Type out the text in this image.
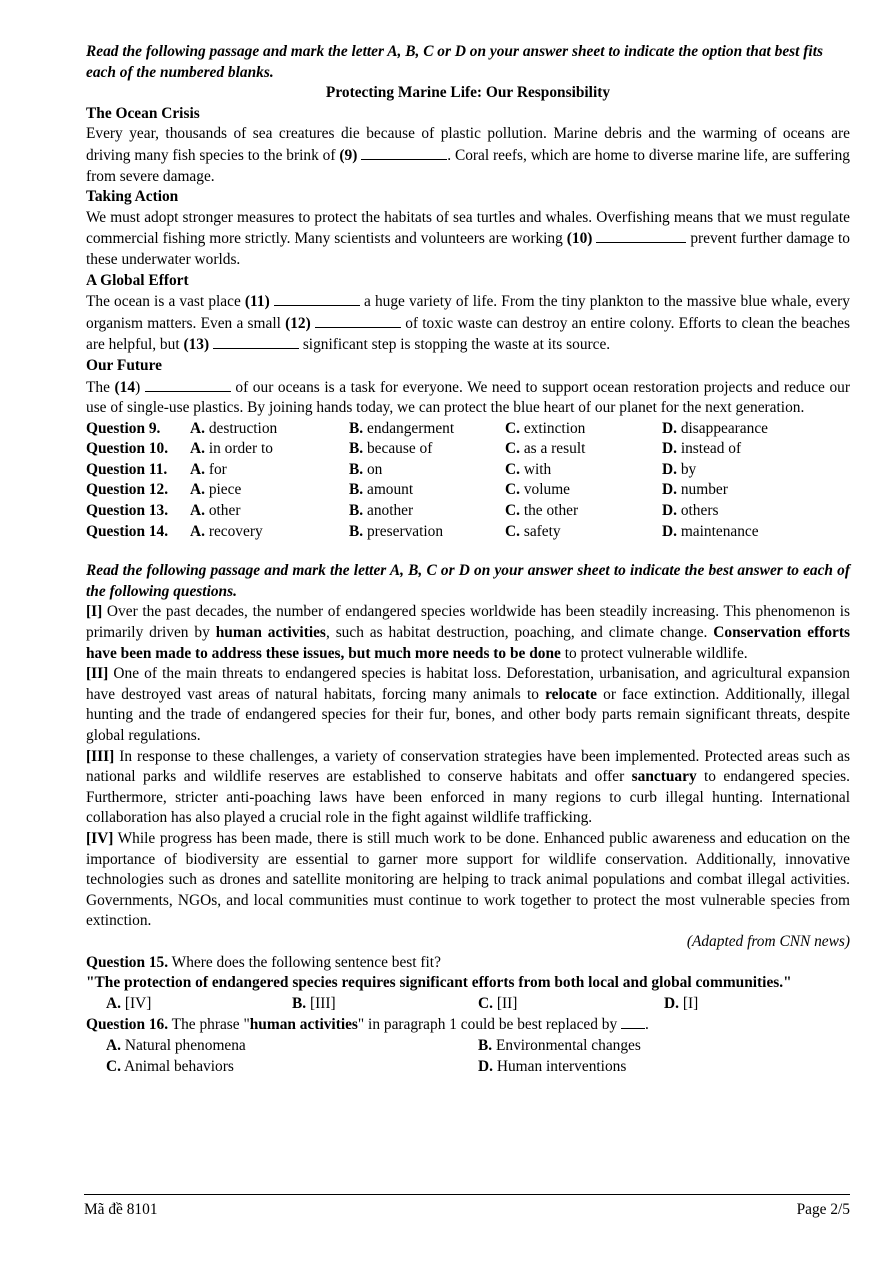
Read the following passage and mark the letter A, B, C or D on your answer sheet to indicate the option that best fits each of the numbered blanks.

Protecting Marine Life: Our Responsibility

The Ocean Crisis

Every year, thousands of sea creatures die because of plastic pollution. Marine debris and the warming of oceans are driving many fish species to the brink of (9)	. Coral reefs, which are home to diverse marine life, are suffering from severe damage.

Taking Action

We must adopt stronger measures to protect the habitats of sea turtles and whales. Overfishing means that we must regulate commercial fishing more strictly. Many scientists and volunteers are working (10)	prevent further damage to these underwater worlds.

A Global Effort

The ocean is a vast place (11)	a huge variety of life. From the tiny plankton to the massive blue whale, every organism matters. Even a small (12)	of toxic waste can destroy an entire colony. Efforts to clean the beaches are helpful, but (13)	significant step is stopping the waste at its source.

Our Future

The (14)	of our oceans is a task for everyone. We need to support ocean restoration projects and reduce our use of single-use plastics. By joining hands today, we can protect the blue heart of our planet for the next generation.

Question 9.	A. destruction	B. endangerment	C. extinction	D. disappearance
Question 10.	A. in order to	B. because of	C. as a result	D. instead of
Question 11.	A. for	B. on	C. with	D. by
Question 12.	A. piece	B. amount	C. volume	D. number
Question 13.	A. other	B. another	C. the other	D. others
Question 14.	A. recovery	B. preservation	C. safety	D. maintenance

Read the following passage and mark the letter A, B, C or D on your answer sheet to indicate the best answer to each of the following questions.

[I] Over the past decades, the number of endangered species worldwide has been steadily increasing. This phenomenon is primarily driven by human activities, such as habitat destruction, poaching, and climate change. Conservation efforts have been made to address these issues, but much more needs to be done to protect vulnerable wildlife.

[II] One of the main threats to endangered species is habitat loss. Deforestation, urbanisation, and agricultural expansion have destroyed vast areas of natural habitats, forcing many animals to relocate or face extinction. Additionally, illegal hunting and the trade of endangered species for their fur, bones, and other body parts remain significant threats, despite global regulations.

[III] In response to these challenges, a variety of conservation strategies have been implemented. Protected areas such as national parks and wildlife reserves are established to conserve habitats and offer sanctuary to endangered species. Furthermore, stricter anti-poaching laws have been enforced in many regions to curb illegal hunting. International collaboration has also played a crucial role in the fight against wildlife trafficking.

[IV] While progress has been made, there is still much work to be done. Enhanced public awareness and education on the importance of biodiversity are essential to garner more support for wildlife conservation. Additionally, innovative technologies such as drones and satellite monitoring are helping to track animal populations and combat illegal activities. Governments, NGOs, and local communities must continue to work together to protect the most vulnerable species from extinction.

(Adapted from CNN news)

Question 15. Where does the following sentence best fit?

"The protection of endangered species requires significant efforts from both local and global communities."

A. [IV]	B. [III]	C. [II]	D. [I]

Question 16. The phrase "human activities" in paragraph 1 could be best replaced by .

A. Natural phenomena	B. Environmental changes
C. Animal behaviors	D. Human interventions
Mã đề 8101	Page 2/5
